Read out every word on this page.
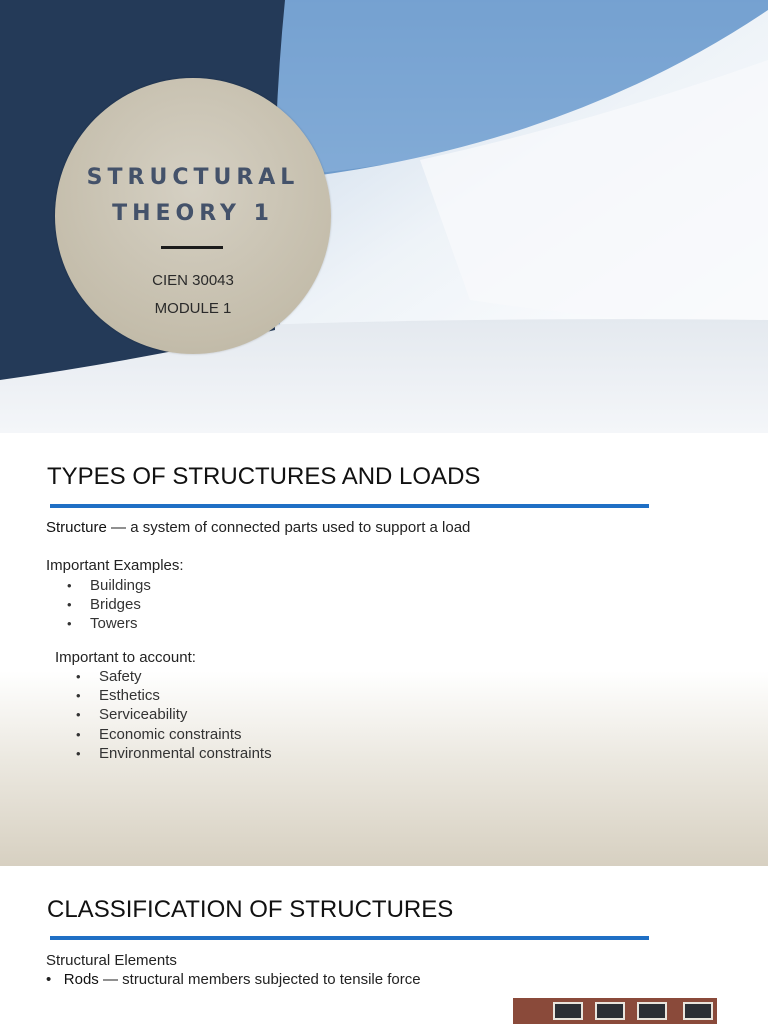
STRUCTURAL
THEORY 1
CIEN 30043
MODULE 1
TYPES OF STRUCTURES AND LOADS
Structure — a system of connected parts used to support a load
Important Examples:
• Buildings
• Bridges
• Towers
Important to account:
• Safety
• Esthetics
• Serviceability
• Economic constraints
• Environmental constraints
CLASSIFICATION OF STRUCTURES
Structural Elements
• Rods — structural members subjected to tensile force
